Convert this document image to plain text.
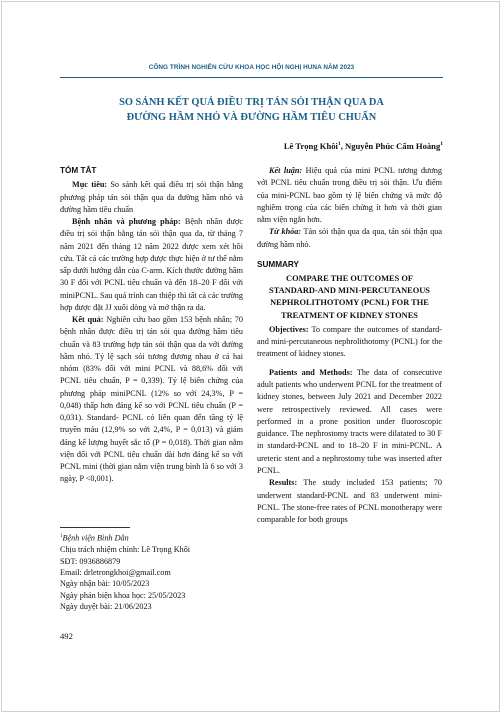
CÔNG TRÌNH NGHIÊN CỨU KHOA HỌC HỘI NGHỊ HUNA NĂM 2023
SO SÁNH KẾT QUẢ ĐIỀU TRỊ TÁN SỎI THẬN QUA DA
ĐƯỜNG HẦM NHỎ VÀ ĐƯỜNG HẦM TIÊU CHUẨN
Lê Trọng Khôi$^1$, Nguyễn Phúc Cẩm Hoàng$^1$

TÓM TẮT

Mục tiêu: So sánh kết quả điều trị sỏi thận bằng phương pháp tán sỏi thận qua da đường hầm nhỏ và đường hầm tiêu chuẩn

Bệnh nhân và phương pháp: Bệnh nhân được điều trị sỏi thận bằng tán sỏi thận qua da, từ tháng 7 năm 2021 đến tháng 12 năm 2022 được xem xét hồi cứu. Tất cả các trường hợp được thực hiện ở tư thế nằm sấp dưới hướng dẫn của C-arm. Kích thước đường hầm 30 F đối với PCNL tiêu chuẩn và đến 18–20 F đối với miniPCNL. Sau quá trình can thiệp thì tất cả các trường hợp được đặt JJ xuôi dòng và mở thận ra da.

Kết quả: Nghiên cứu bao gồm 153 bệnh nhân; 70 bệnh nhân được điều trị tán sỏi qua đường hầm tiêu chuẩn và 83 trường hợp tán sỏi thận qua da với đường hầm nhỏ. Tỷ lệ sạch sỏi tương đương nhau ở cả hai nhóm (83% đối với mini PCNL và 88,6% đối với PCNL tiêu chuẩn, P = 0,339). Tỷ lệ biến chứng của phương pháp miniPCNL (12% so với 24,3%, P = 0,048) thấp hơn đáng kể so với PCNL tiêu chuẩn (P = 0,031). Standard- PCNL có liên quan đến tăng tỷ lệ truyền máu (12,9% so với 2,4%, P = 0,013) và giảm đáng kể lượng huyết sắc tố (P = 0,018). Thời gian nằm viện đối với PCNL tiêu chuẩn dài hơn đáng kể so với PCNL mini (thời gian nằm viện trung bình là 6 so với 3 ngày, P <0,001).

Kết luận: Hiệu quả của mini PCNL tương đương với PCNL tiêu chuẩn trong điều trị sỏi thận. Ưu điểm của mini-PCNL bao gồm tỷ lệ biến chứng và mức độ nghiêm trọng của các biến chứng ít hơn và thời gian nằm viện ngắn hơn.

Từ khóa: Tán sỏi thận qua da qua, tán sỏi thận qua đường hầm nhỏ.

SUMMARY

COMPARE THE OUTCOMES OF STANDARD-AND MINI-PERCUTANEOUS NEPHROLITHOTOMY (PCNL) FOR THE TREATMENT OF KIDNEY STONES

Objectives: To compare the outcomes of standard- and mini-percutaneous nephrolithotomy (PCNL) for the treatment of kidney stones.

Patients and Methods: The data of consecutive adult patients who underwent PCNL for the treatment of kidney stones, between July 2021 and December 2022 were retrospectively reviewed. All cases were performed in a prone position under fluoroscopic guidance. The nephrostomy tracts were dilatated to 30 F in standard-PCNL and to 18–20 F in mini-PCNL. A ureteric stent and a nephrostomy tube was inserted after PCNL.

Results: The study included 153 patients; 70 underwent standard-PCNL and 83 underwent mini-PCNL. The stone-free rates of PCNL monotherapy were comparable for both groups

$^1$Bệnh viện Bình Dân
Chịu trách nhiệm chính: Lê Trọng Khôi
SĐT: 0936886879
Email: drletrongkhoi@gmail.com
Ngày nhận bài: 10/05/2023
Ngày phản biện khoa học: 25/05/2023
Ngày duyệt bài: 21/06/2023
492
